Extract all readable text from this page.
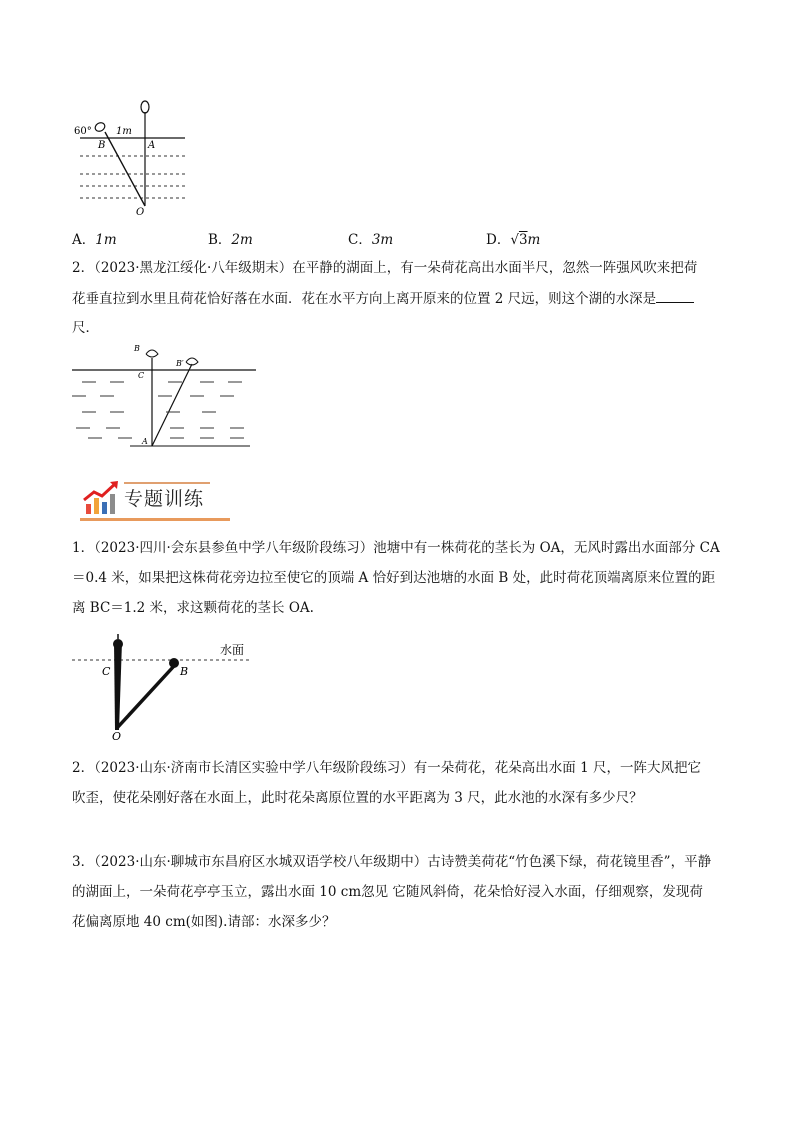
60° 1m
B	A
O
A．1m	B．2m	C．3m	D．√3m
2．（2023·黑龙江绥化·八年级期末）在平静的湖面上，有一朵荷花高出水面半尺，忽然一阵强风吹来把荷
花垂直拉到水里且荷花恰好落在水面．花在水平方向上离开原来的位置 2 尺远，则这个湖的水深是
尺．
B
B′
C
A
专题训练
1．（2023·四川·会东县参鱼中学八年级阶段练习）池塘中有一株荷花的茎长为 OA，无风时露出水面部分 CA
＝0.4 米，如果把这株荷花旁边拉至使它的顶端 A 恰好到达池塘的水面 B 处，此时荷花顶端离原来位置的距
离 BC＝1.2 米，求这颗荷花的茎长 OA.
水面
C	B
O
2．（2023·山东·济南市长清区实验中学八年级阶段练习）有一朵荷花，花朵高出水面 1 尺，一阵大风把它
吹歪，使花朵刚好落在水面上，此时花朵离原位置的水平距离为 3 尺，此水池的水深有多少尺？
3．（2023·山东·聊城市东昌府区水城双语学校八年级期中）古诗赞美荷花“竹色溪下绿，荷花镜里香”，平静
的湖面上，一朵荷花亭亭玉立，露出水面 10 cm忽见 它随风斜倚，花朵恰好浸入水面，仔细观察，发现荷
花偏离原地 40 cm(如图).请部：水深多少？
